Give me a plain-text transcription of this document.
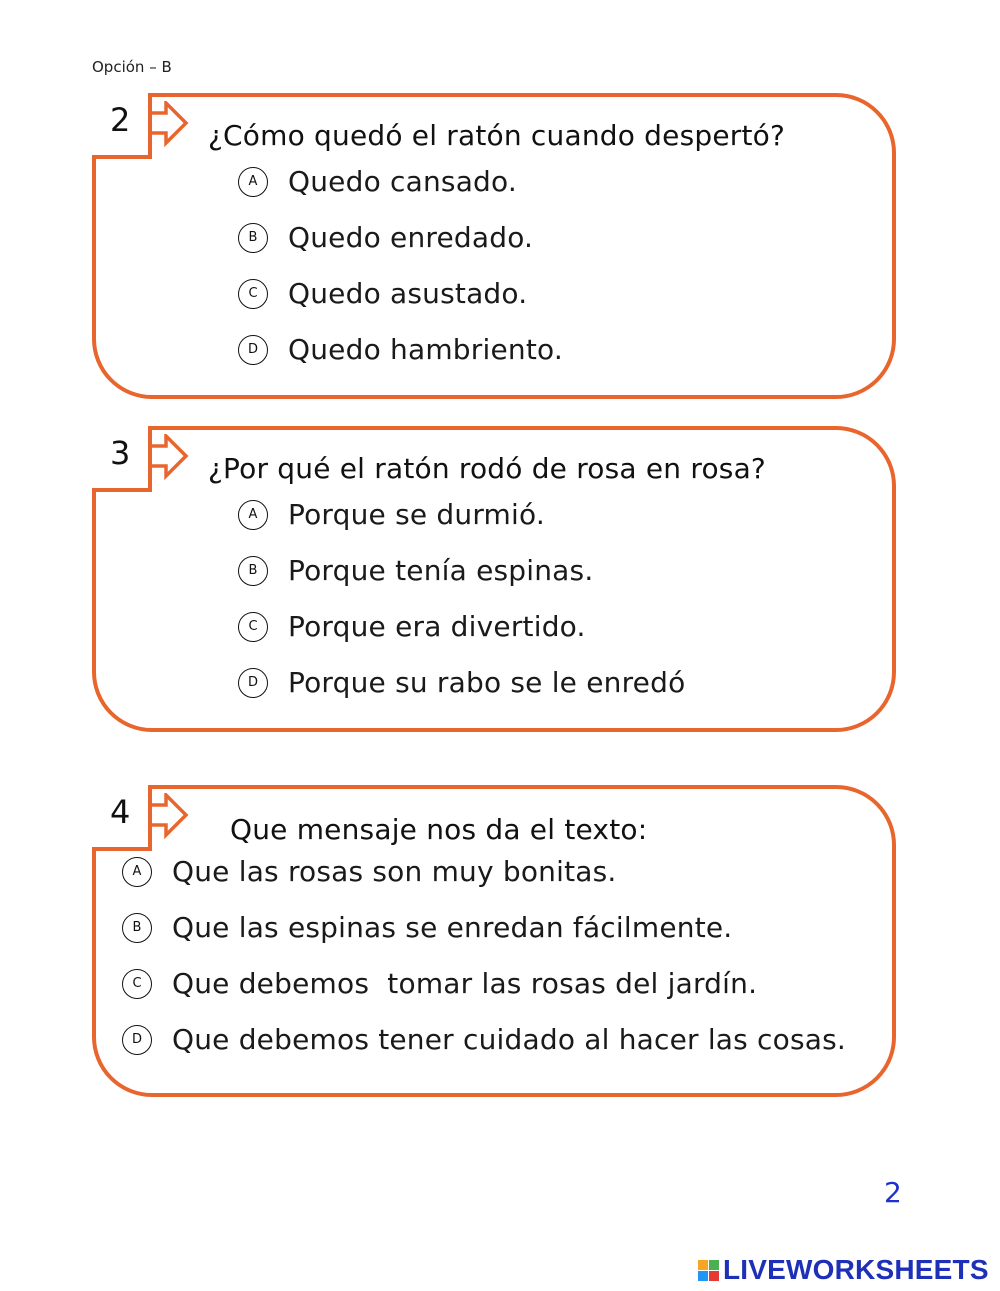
Opción – B
2	¿Cómo quedó el ratón cuando despertó?
A	Quedo cansado.
B	Quedo enredado.
C	Quedo asustado.
D	Quedo hambriento.
3	¿Por qué el ratón rodó de rosa en rosa?
A	Porque se durmió.
B	Porque tenía espinas.
C	Porque era divertido.
D	Porque su rabo se le enredó
4	Que mensaje nos da el texto:
A	Que las rosas son muy bonitas.
B	Que las espinas se enredan fácilmente.
C	Que debemos  tomar las rosas del jardín.
D	Que debemos tener cuidado al hacer las cosas.
2
LIVEWORKSHEETS
